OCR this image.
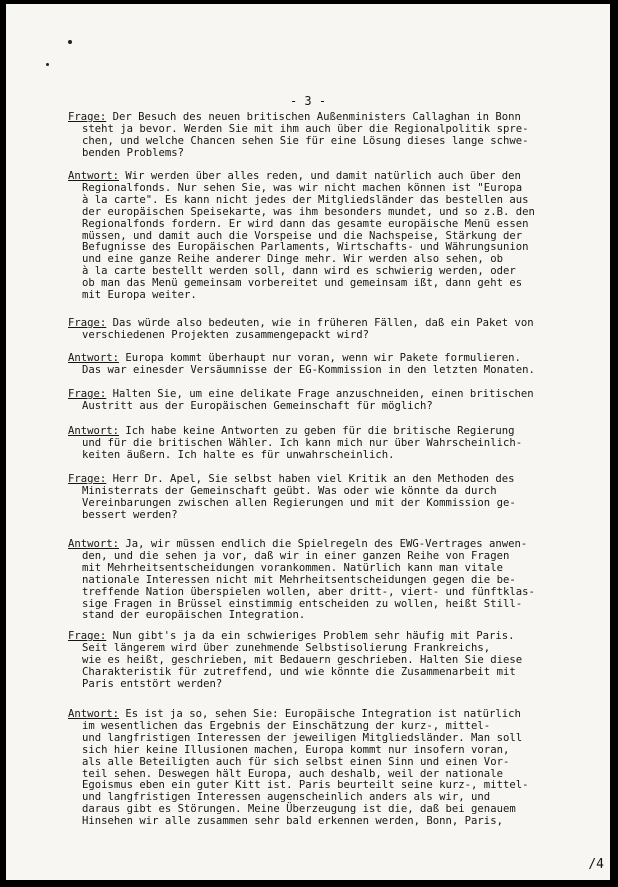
- 3 -
Frage: Der Besuch des neuen britischen Außenministers Callaghan in Bonn
steht ja bevor. Werden Sie mit ihm auch über die Regionalpolitik spre-
chen, und welche Chancen sehen Sie für eine Lösung dieses lange schwe-
benden Problems?
Antwort: Wir werden über alles reden, und damit natürlich auch über den
Regionalfonds. Nur sehen Sie, was wir nicht machen können ist "Europa
à la carte". Es kann nicht jedes der Mitgliedsländer das bestellen aus
der europäischen Speisekarte, was ihm besonders mundet, und so z.B. den
Regionalfonds fordern. Er wird dann das gesamte europäische Menü essen
müssen, und damit auch die Vorspeise und die Nachspeise, Stärkung der
Befugnisse des Europäischen Parlaments, Wirtschafts- und Währungsunion
und eine ganze Reihe anderer Dinge mehr. Wir werden also sehen, ob
à la carte bestellt werden soll, dann wird es schwierig werden, oder
ob man das Menü gemeinsam vorbereitet und gemeinsam ißt, dann geht es
mit Europa weiter.
Frage: Das würde also bedeuten, wie in früheren Fällen, daß ein Paket von
verschiedenen Projekten zusammengepackt wird?
Antwort: Europa kommt überhaupt nur voran, wenn wir Pakete formulieren.
Das war einesder Versäumnisse der EG-Kommission in den letzten Monaten.
Frage: Halten Sie, um eine delikate Frage anzuschneiden, einen britischen
Austritt aus der Europäischen Gemeinschaft für möglich?
Antwort: Ich habe keine Antworten zu geben für die britische Regierung
und für die britischen Wähler. Ich kann mich nur über Wahrscheinlich-
keiten äußern. Ich halte es für unwahrscheinlich.
Frage: Herr Dr. Apel, Sie selbst haben viel Kritik an den Methoden des
Ministerrats der Gemeinschaft geübt. Was oder wie könnte da durch
Vereinbarungen zwischen allen Regierungen und mit der Kommission ge-
bessert werden?
Antwort: Ja, wir müssen endlich die Spielregeln des EWG-Vertrages anwen-
den, und die sehen ja vor, daß wir in einer ganzen Reihe von Fragen
mit Mehrheitsentscheidungen vorankommen. Natürlich kann man vitale
nationale Interessen nicht mit Mehrheitsentscheidungen gegen die be-
treffende Nation überspielen wollen, aber dritt-, viert- und fünftklas-
sige Fragen in Brüssel einstimmig entscheiden zu wollen, heißt Still-
stand der europäischen Integration.
Frage: Nun gibt's ja da ein schwieriges Problem sehr häufig mit Paris.
Seit längerem wird über zunehmende Selbstisolierung Frankreichs,
wie es heißt, geschrieben, mit Bedauern geschrieben. Halten Sie diese
Charakteristik für zutreffend, und wie könnte die Zusammenarbeit mit
Paris entstört werden?
Antwort: Es ist ja so, sehen Sie: Europäische Integration ist natürlich
im wesentlichen das Ergebnis der Einschätzung der kurz-, mittel-
und langfristigen Interessen der jeweiligen Mitgliedsländer. Man soll
sich hier keine Illusionen machen, Europa kommt nur insofern voran,
als alle Beteiligten auch für sich selbst einen Sinn und einen Vor-
teil sehen. Deswegen hält Europa, auch deshalb, weil der nationale
Egoismus eben ein guter Kitt ist. Paris beurteilt seine kurz-, mittel-
und langfristigen Interessen augenscheinlich anders als wir, und
daraus gibt es Störungen. Meine Überzeugung ist die, daß bei genauem
Hinsehen wir alle zusammen sehr bald erkennen werden, Bonn, Paris,
/4
